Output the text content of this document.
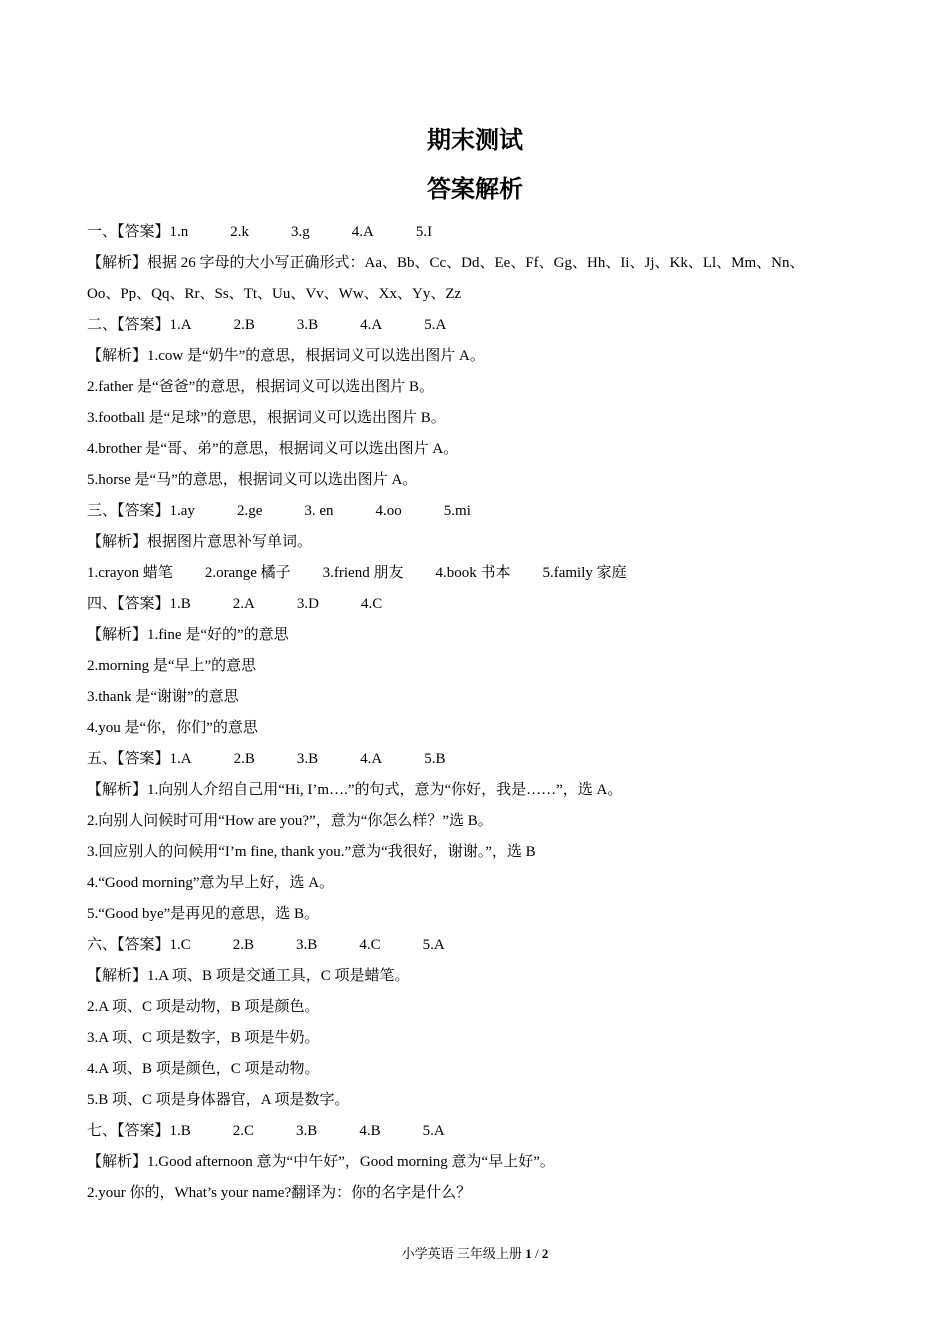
期末测试
答案解析
一、【答案】1.n	2.k	3.g	4.A	5.I
【解析】根据 26 字母的大小写正确形式：Aa、Bb、Cc、Dd、Ee、Ff、Gg、Hh、Ii、Jj、Kk、Ll、Mm、Nn、
Oo、Pp、Qq、Rr、Ss、Tt、Uu、Vv、Ww、Xx、Yy、Zz
二、【答案】1.A	2.B	3.B	4.A	5.A
【解析】1.cow 是“奶牛”的意思，根据词义可以选出图片 A。
2.father 是“爸爸”的意思，根据词义可以选出图片 B。
3.football 是“足球”的意思，根据词义可以选出图片 B。
4.brother 是“哥、弟”的意思，根据词义可以选出图片 A。
5.horse 是“马”的意思，根据词义可以选出图片 A。
三、【答案】1.ay	2.ge	3. en	4.oo	5.mi
【解析】根据图片意思补写单词。
1.crayon 蜡笔 2.orange 橘子 3.friend 朋友 4.book 书本 5.family 家庭
四、【答案】1.B	2.A	3.D	4.C
【解析】1.fine 是“好的”的意思
2.morning 是“早上”的意思
3.thank 是“谢谢”的意思
4.you 是“你，你们”的意思
五、【答案】1.A	2.B	3.B	4.A	5.B
【解析】1.向别人介绍自己用“Hi, I’m….”的句式，意为“你好，我是……”，选 A。
2.向别人问候时可用“How are you?”，意为“你怎么样？”选 B。
3.回应别人的问候用“I’m fine, thank you.”意为“我很好，谢谢。”，选 B
4.“Good morning”意为早上好，选 A。
5.“Good bye”是再见的意思，选 B。
六、【答案】1.C	2.B	3.B	4.C	5.A
【解析】1.A 项、B 项是交通工具，C 项是蜡笔。
2.A 项、C 项是动物，B 项是颜色。
3.A 项、C 项是数字，B 项是牛奶。
4.A 项、B 项是颜色，C 项是动物。
5.B 项、C 项是身体器官，A 项是数字。
七、【答案】1.B	2.C	3.B	4.B	5.A
【解析】1.Good afternoon 意为“中午好”，Good morning 意为“早上好”。
2.your 你的，What’s your name?翻译为：你的名字是什么？
小学英语 三年级上册 1 / 2
